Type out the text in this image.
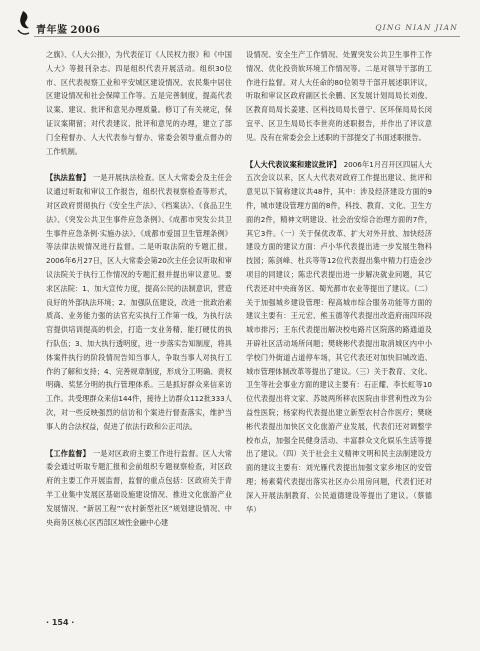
青年鉴 2006	QING NIAN JIAN

之旗》、《人大公报》，为代表征订《人民权力报》和《中国人大》等报刊杂志。四是组织代表开展活动。组织30位市、区代表视察工业和平安城区建设情况、农民集中居住区建设情况和社会保障工作等。五是完善制度，提高代表议案、建议、批评和意见办理质量。修订了有关规定，保证议案期留；对代表建议、批评和意见的办理，建立了部门全程督办、人大代表参与督办、常委会领导重点督办的工作机制。

【执法监督】 一是开展执法检查。区人大常委会及主任会议通过听取和审议工作报告，组织代表视察检查等形式，对区政府贯彻执行《安全生产法》、《档案法》、《食品卫生法》、《突发公共卫生事件应急条例》、《成都市突发公共卫生事件应急条例·实施办法》、《成都市爱国卫生管理条例》等法律法规情况进行监督。二是听取法院的专题汇报。2006年6月27日，区人大常委会第20次主任会议听取和审议法院关于执行工作情况的专题汇报并提出审议意见。要求区法院：1、加大宣传力度，提高公民的法制意识，营造良好的外部执法环境；2、加强队伍建设，改进一批政治素质高、业务能力强的法官充实执行工作第一线，为执行法官提供培训提高的机会，打造一支业务精、能打硬仗的执行队伍；3、加大执行透明度，进一步落实告知制度，将具体案件执行的阶段情况告知当事人，争取当事人对执行工作的了解和支持；4、完善规章制度，形成分工明确、责权明确、奖惩分明的执行管理体系。三是抓好群众来信来访工作。共受理群众来信144件，接待上访群众112批333人次，对一些反映强烈的信访和个案进行督查落实，维护当事人的合法权益，促进了依法行政和公正司法。

【工作监督】 一是对区政府主要工作进行监督。区人大常委会通过听取专题汇报和会前组织专题视察检查，对区政府的主要工作开展监督，监督的重点包括：区政府关于青羊工业集中发展区基础设施建设情况、推进文化旅游产业发展情况、“新居工程”“农村新型社区”规划建设情况、中央商务区核心区西部区域性金融中心建

设情况、安全生产工作情况、处置突发公共卫生事件工作情况、优化投资软环境工作情况等。二是对领导干部的工作进行监督。对人大任命的80位领导干部开展述职评议，听取和审议区政府副区长余鹏、区发展计划局局长刘俊、区教育局局长姜建、区科技局局长曾宁、区环保局局长闵宜平、区卫生局局长李世亮的述职报告，并作出了评议意见。没有在常委会会上述职的干部提交了书面述职报告。

【人大代表议案和建议批评】 2006年1月召开区四届人大五次会议以来，区人大代表对政府工作提出建议、批评和意见以下简称建议共48件，其中：涉及经济建设方面的9件，城市建设管理方面的8件，科技、教育、文化、卫生方面的2件，精神文明建设、社会治安综合治理方面的7件，其它3件。（一）关于保优改革、扩大对外开放、加快经济建设方面的建议方面：卢小华代表提出进一步发展生物科技园；陈剑峰、杜兵等等12位代表提出集中精力打造金沙项目的同建议；陈忠代表提出进一步解决就业问题，其它代表还对中央商务区、蜀光都市农业等提出了建议。（二）关于加强城乡建设管理：程高城市综合服务功能等方面的建议主要有：王元宏、熊玉德等代表提出改造府南四环段城市排污；王东代表提出解决校电路片区院落的路通道及开辟社区活动场所问题；樊晓彬代表提出取消城区内中小学校门外街道占道停车场，其它代表还对加快旧城改造、城市管理体制改革等提出了建议。（三）关于教育、文化、卫生等社会事业方面的建议主要有：石正耀、李长虹等10位代表提出将文家、苏坡两所移农医院由非营利性改为公益性医院；杨家构代表提出建立新型农村合作医疗；樊晓彬代表提出加快区文化旅游产业发展，代表们还对调整学校布点，加强全民健身活动、丰富群众文化娱乐生活等提出了建议。（四）关于社会主义精神文明和民主法制建设方面的建议主要有：刘光雁代表提出加强文家乡地区的安管理；杨素菊代表提出落实社区办公用房问题，代表们还对深入开展法制教育、公民道德建设等提出了建议。（蔡德华）

· 154 ·
